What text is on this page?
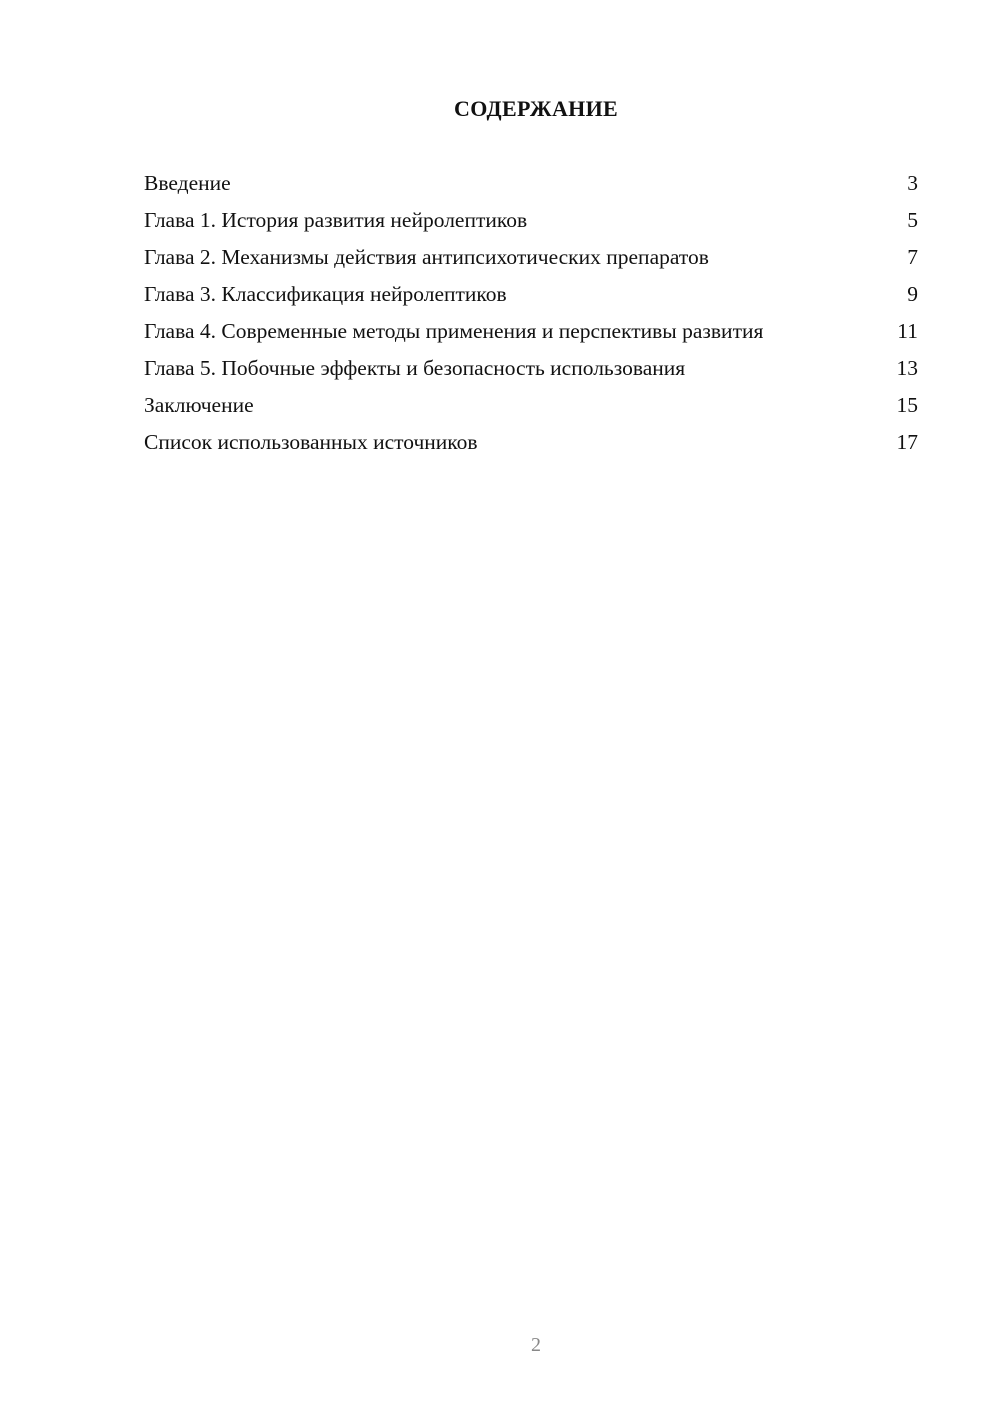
СОДЕРЖАНИЕ
Введение	3
Глава 1. История развития нейролептиков	5
Глава 2. Механизмы действия антипсихотических препаратов	7
Глава 3. Классификация нейролептиков	9
Глава 4. Современные методы применения и перспективы развития	11
Глава 5. Побочные эффекты и безопасность использования	13
Заключение	15
Список использованных источников	17
2
